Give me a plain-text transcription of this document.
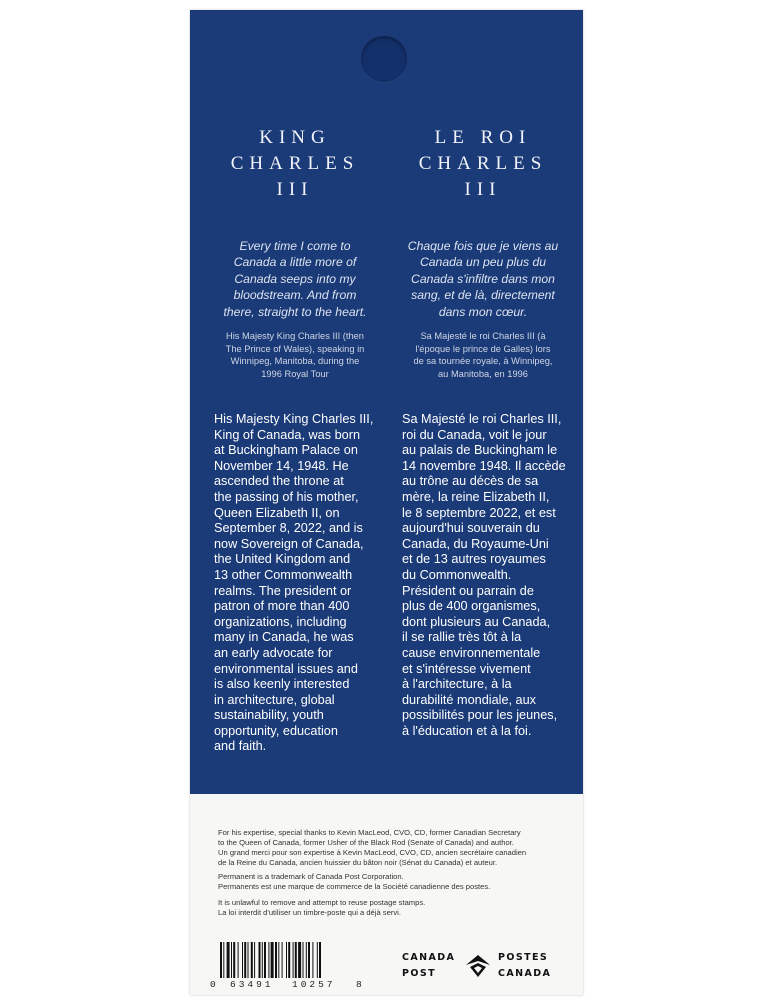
KING
CHARLES
III
Every time I come to
Canada a little more of
Canada seeps into my
bloodstream. And from
there, straight to the heart.
His Majesty King Charles III (then
The Prince of Wales), speaking in
Winnipeg, Manitoba, during the
1996 Royal Tour
His Majesty King Charles III,
King of Canada, was born
at Buckingham Palace on
November 14, 1948. He
ascended the throne at
the passing of his mother,
Queen Elizabeth II, on
September 8, 2022, and is
now Sovereign of Canada,
the United Kingdom and
13 other Commonwealth
realms. The president or
patron of more than 400
organizations, including
many in Canada, he was
an early advocate for
environmental issues and
is also keenly interested
in architecture, global
sustainability, youth
opportunity, education
and faith.
LE ROI
CHARLES
III
Chaque fois que je viens au
Canada un peu plus du
Canada s'infiltre dans mon
sang, et de là, directement
dans mon cœur.
Sa Majesté le roi Charles III (à
l'époque le prince de Galles) lors
de sa tournée royale, à Winnipeg,
au Manitoba, en 1996
Sa Majesté le roi Charles III,
roi du Canada, voit le jour
au palais de Buckingham le
14 novembre 1948. Il accède
au trône au décès de sa
mère, la reine Elizabeth II,
le 8 septembre 2022, et est
aujourd'hui souverain du
Canada, du Royaume-Uni
et de 13 autres royaumes
du Commonwealth.
Président ou parrain de
plus de 400 organismes,
dont plusieurs au Canada,
il se rallie très tôt à la
cause environnementale
et s'intéresse vivement
à l'architecture, à la
durabilité mondiale, aux
possibilités pour les jeunes,
à l'éducation et à la foi.
For his expertise, special thanks to Kevin MacLeod, CVO, CD, former Canadian Secretary
to the Queen of Canada, former Usher of the Black Rod (Senate of Canada) and author.
Un grand merci pour son expertise à Kevin MacLeod, CVO, CD, ancien secrétaire canadien
de la Reine du Canada, ancien huissier du bâton noir (Sénat du Canada) et auteur.
Permanent is a trademark of Canada Post Corporation.
Permanents est une marque de commerce de la Société canadienne des postes.
It is unlawful to remove and attempt to reuse postage stamps.
La loi interdit d'utiliser un timbre-poste qui a déjà servi.
0 63491 10257 8
CANADA
POST
POSTES
CANADA
